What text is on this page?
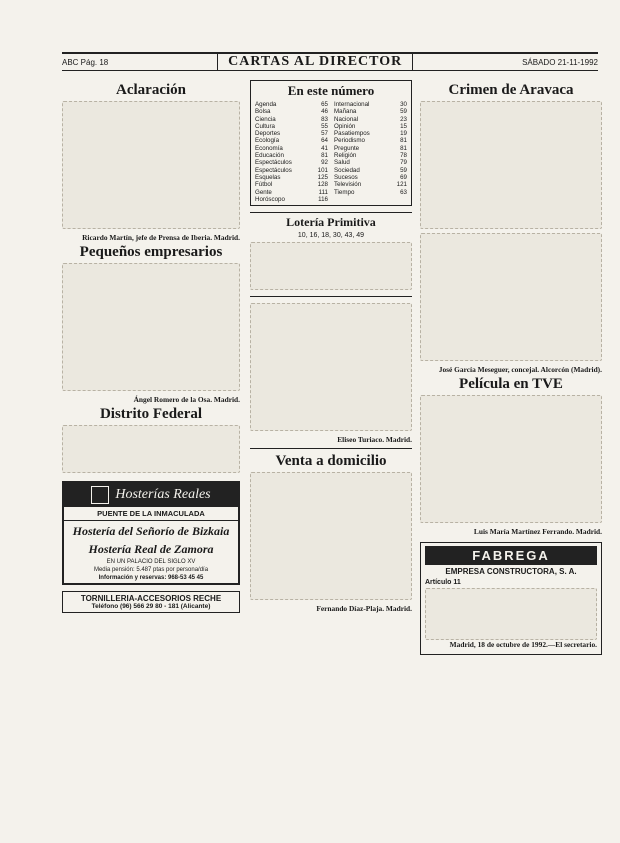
ABC Pág. 18	CARTAS AL DIRECTOR	SÁBADO 21-11-1992
Aclaración
Ricardo Martín, jefe de Prensa de Iberia. Madrid.
Pequeños empresarios
Ángel Romero de la Osa. Madrid.
Distrito Federal
Hosterías Reales
PUENTE DE LA INMACULADA
Hostería del Señorío de Bizkaia
Hostería Real de Zamora
EN UN PALACIO DEL SIGLO XV
Media pensión: 5.487 ptas por persona/día
Información y reservas: 968-53 45 45
TORNILLERIA-ACCESORIOS RECHE
Teléfono (96) 566 29 80 - 181 (Alicante)
En este número
Agenda	65
Bolsa	46
Ciencia	83
Cultura	55
Deportes	57
Ecología	64
Economía	41
Educación	81
Espectáculos	92
Espectáculos	101
Esquelas	125
Fútbol	128
Gente	111
Horóscopo	116
Internacional	30
Mañana	59
Nacional	23
Opinión	15
Pasatiempos	19
Periodismo	81
Pregunte	81
Religión	78
Salud	79
Sociedad	59
Sucesos	69
Televisión	121
Tiempo	63
Lotería Primitiva
10, 16, 18, 30, 43, 49
Eliseo Turiaco. Madrid.
Venta a domicilio
Fernando Díaz-Plaja. Madrid.
Crimen de Aravaca
José García Meseguer, concejal. Alcorcón (Madrid).
Película en TVE
Luis María Martínez Ferrando. Madrid.
FABREGA
EMPRESA CONSTRUCTORA, S. A.
Artículo 11
Madrid, 18 de octubre de 1992.—El secretario.
